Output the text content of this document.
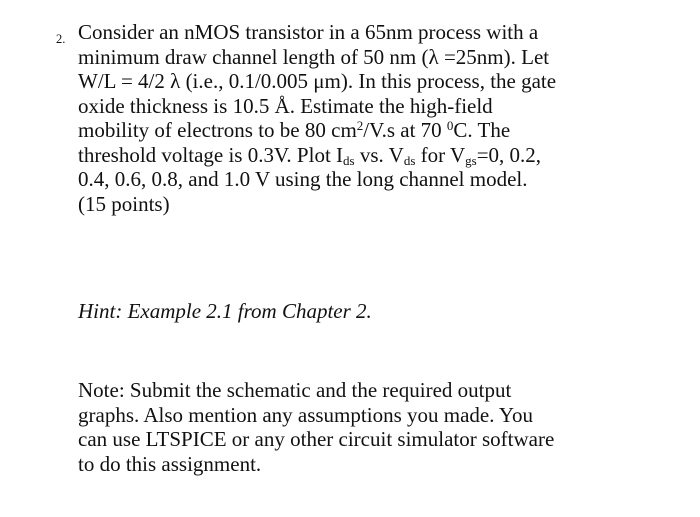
2. Consider an nMOS transistor in a 65nm process with a
minimum draw channel length of 50 nm (λ =25nm). Let
W/L = 4/2 λ (i.e., 0.1/0.005 μm). In this process, the gate
oxide thickness is 10.5 Å. Estimate the high-field
mobility of electrons to be 80 $cm^2/V.s$ at 70 $^0$C. The
threshold voltage is 0.3V. Plot $I_{ds}$ vs. $V_{ds}$ for $V_{gs}=0$, 0.2,
0.4, 0.6, 0.8, and 1.0 V using the long channel model.
(15 points)
Hint: Example 2.1 from Chapter 2.
Note: Submit the schematic and the required output
graphs. Also mention any assumptions you made. You
can use LTSPICE or any other circuit simulator software
to do this assignment.
